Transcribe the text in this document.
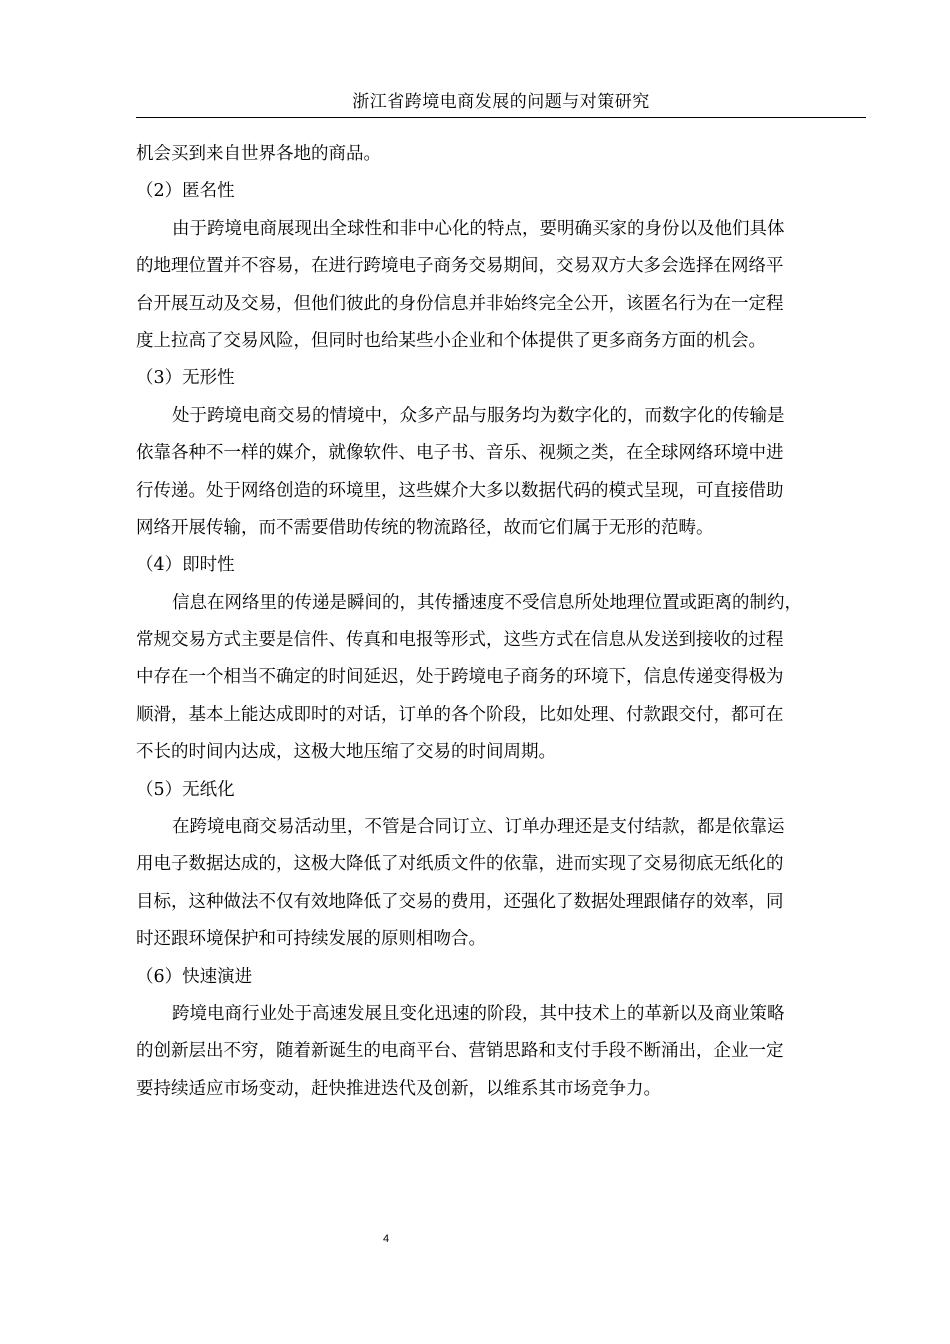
浙江省跨境电商发展的问题与对策研究
机会买到来自世界各地的商品。
（2）匿名性
由于跨境电商展现出全球性和非中心化的特点，要明确买家的身份以及他们具体
的地理位置并不容易，在进行跨境电子商务交易期间，交易双方大多会选择在网络平
台开展互动及交易，但他们彼此的身份信息并非始终完全公开，该匿名行为在一定程
度上拉高了交易风险，但同时也给某些小企业和个体提供了更多商务方面的机会。
（3）无形性
处于跨境电商交易的情境中，众多产品与服务均为数字化的，而数字化的传输是
依靠各种不一样的媒介，就像软件、电子书、音乐、视频之类，在全球网络环境中进
行传递。处于网络创造的环境里，这些媒介大多以数据代码的模式呈现，可直接借助
网络开展传输，而不需要借助传统的物流路径，故而它们属于无形的范畴。
（4）即时性
信息在网络里的传递是瞬间的，其传播速度不受信息所处地理位置或距离的制约，
常规交易方式主要是信件、传真和电报等形式，这些方式在信息从发送到接收的过程
中存在一个相当不确定的时间延迟，处于跨境电子商务的环境下，信息传递变得极为
顺滑，基本上能达成即时的对话，订单的各个阶段，比如处理、付款跟交付，都可在
不长的时间内达成，这极大地压缩了交易的时间周期。
（5）无纸化
在跨境电商交易活动里，不管是合同订立、订单办理还是支付结款，都是依靠运
用电子数据达成的，这极大降低了对纸质文件的依靠，进而实现了交易彻底无纸化的
目标，这种做法不仅有效地降低了交易的费用，还强化了数据处理跟储存的效率，同
时还跟环境保护和可持续发展的原则相吻合。
（6）快速演进
跨境电商行业处于高速发展且变化迅速的阶段，其中技术上的革新以及商业策略
的创新层出不穷，随着新诞生的电商平台、营销思路和支付手段不断涌出，企业一定
要持续适应市场变动，赶快推进迭代及创新，以维系其市场竞争力。
4
